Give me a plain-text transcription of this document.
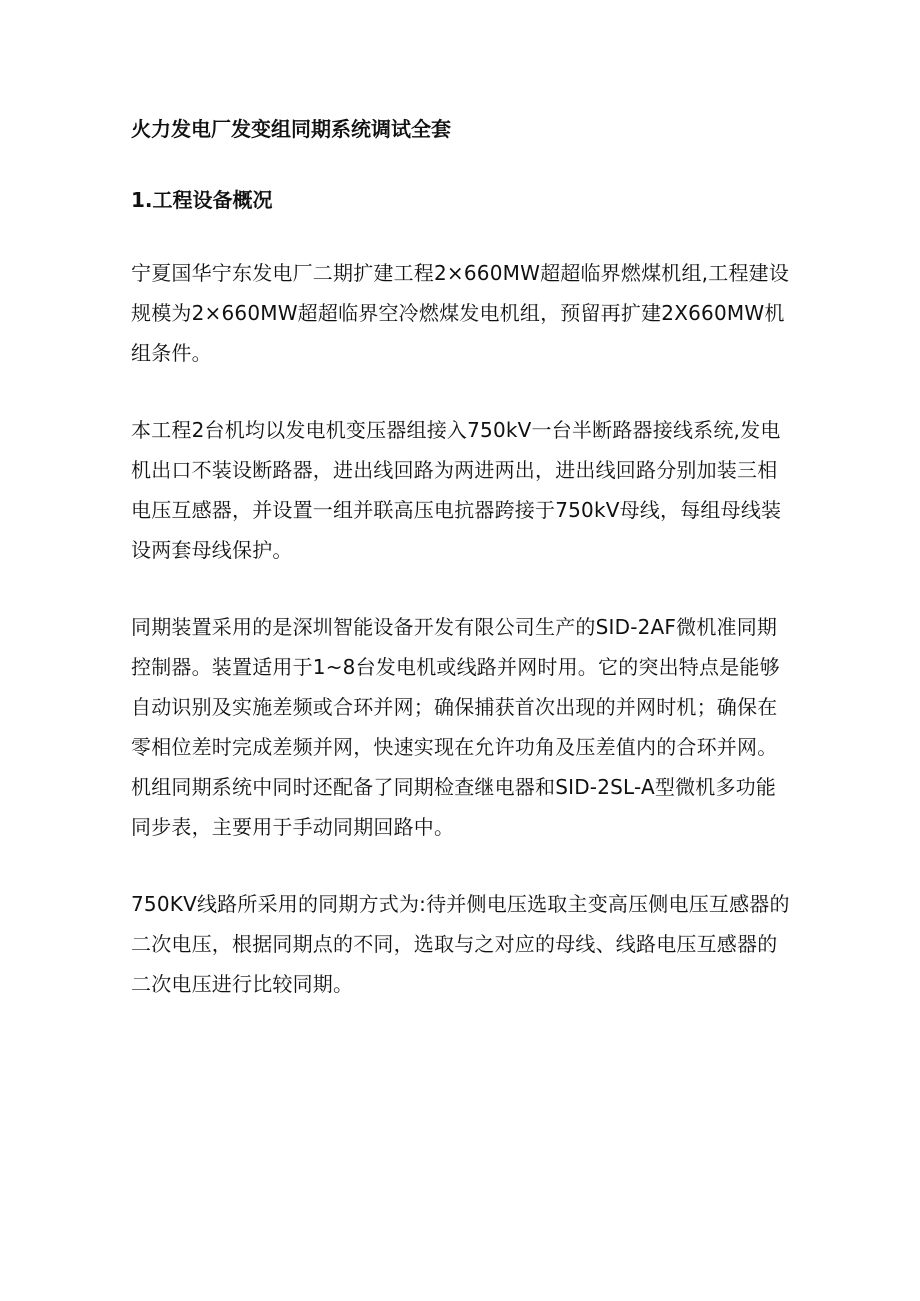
火力发电厂发变组同期系统调试全套
1.工程设备概况

宁夏国华宁东发电厂二期扩建工程2×660MW超超临界燃煤机组,工程建设规模为2×660MW超超临界空冷燃煤发电机组，预留再扩建2X660MW机组条件。

本工程2台机均以发电机变压器组接入750kV一台半断路器接线系统,发电机出口不装设断路器，进出线回路为两进两出，进出线回路分别加装三相电压互感器，并设置一组并联高压电抗器跨接于750kV母线，每组母线装设两套母线保护。

同期装置采用的是深圳智能设备开发有限公司生产的SID-2AF微机准同期控制器。装置适用于1~8台发电机或线路并网时用。它的突出特点是能够自动识别及实施差频或合环并网；确保捕获首次出现的并网时机；确保在零相位差时完成差频并网，快速实现在允许功角及压差值内的合环并网。机组同期系统中同时还配备了同期检查继电器和SID-2SL-A型微机多功能同步表，主要用于手动同期回路中。

750KV线路所采用的同期方式为:待并侧电压选取主变高压侧电压互感器的二次电压，根据同期点的不同，选取与之对应的母线、线路电压互感器的二次电压进行比较同期。
